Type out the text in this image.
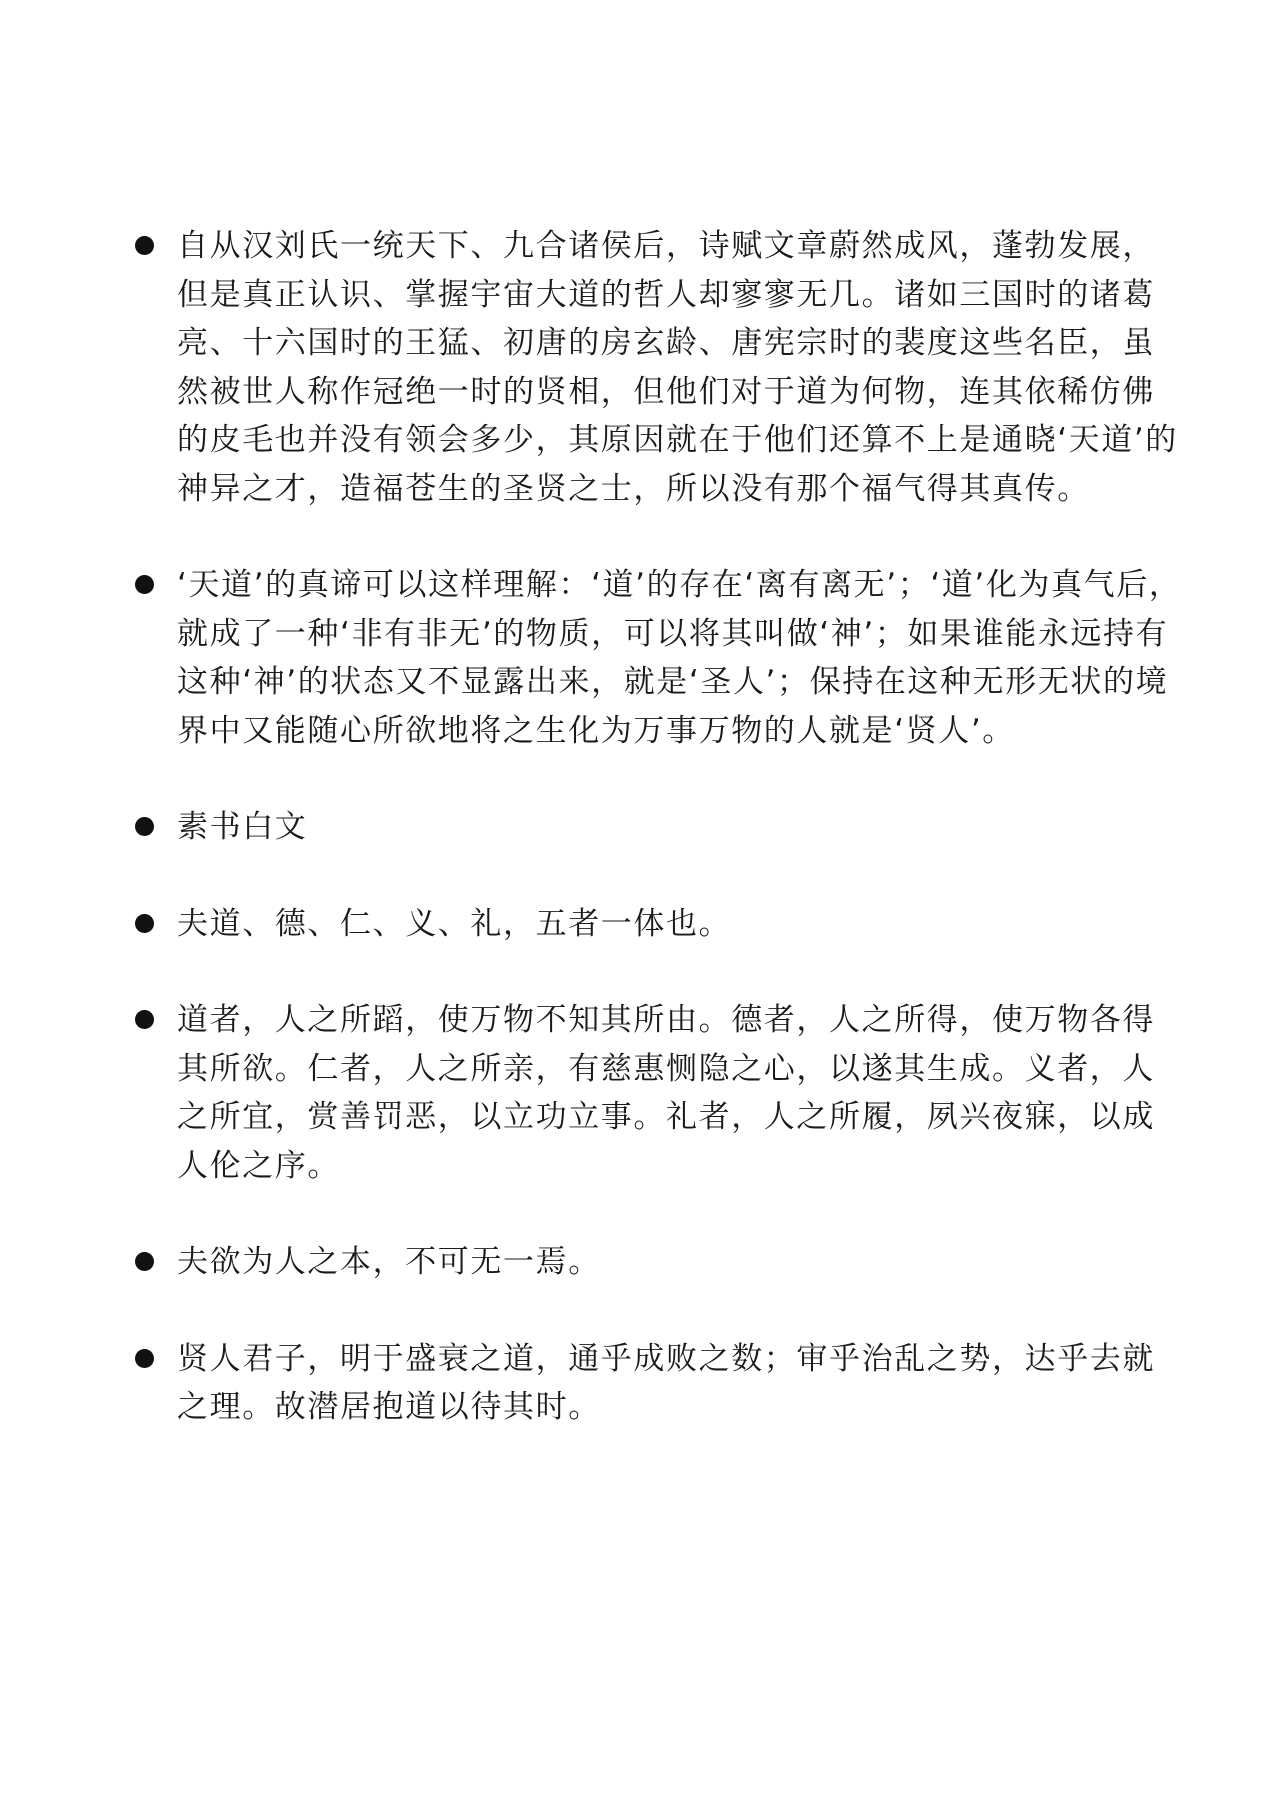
自从汉刘氏一统天下、九合诸侯后，诗赋文章蔚然成风，蓬勃发展，但是真正认识、掌握宇宙大道的哲人却寥寥无几。诸如三国时的诸葛亮、十六国时的王猛、初唐的房玄龄、唐宪宗时的裴度这些名臣，虽然被世人称作冠绝一时的贤相，但他们对于道为何物，连其依稀仿佛的皮毛也并没有领会多少，其原因就在于他们还算不上是通晓‘天道’的神异之才，造福苍生的圣贤之士，所以没有那个福气得其真传。
‘天道’的真谛可以这样理解：‘道’的存在‘离有离无’；‘道’化为真气后，就成了一种‘非有非无’的物质，可以将其叫做‘神’；如果谁能永远持有这种‘神’的状态又不显露出来，就是‘圣人’；保持在这种无形无状的境界中又能随心所欲地将之生化为万事万物的人就是‘贤人’。
素书白文
夫道、德、仁、义、礼，五者一体也。
道者，人之所蹈，使万物不知其所由。德者，人之所得，使万物各得其所欲。仁者，人之所亲，有慈惠恻隐之心，以遂其生成。义者，人之所宜，赏善罚恶，以立功立事。礼者，人之所履，夙兴夜寐，以成人伦之序。
夫欲为人之本，不可无一焉。
贤人君子，明于盛衰之道，通乎成败之数；审乎治乱之势，达乎去就之理。故潜居抱道以待其时。
